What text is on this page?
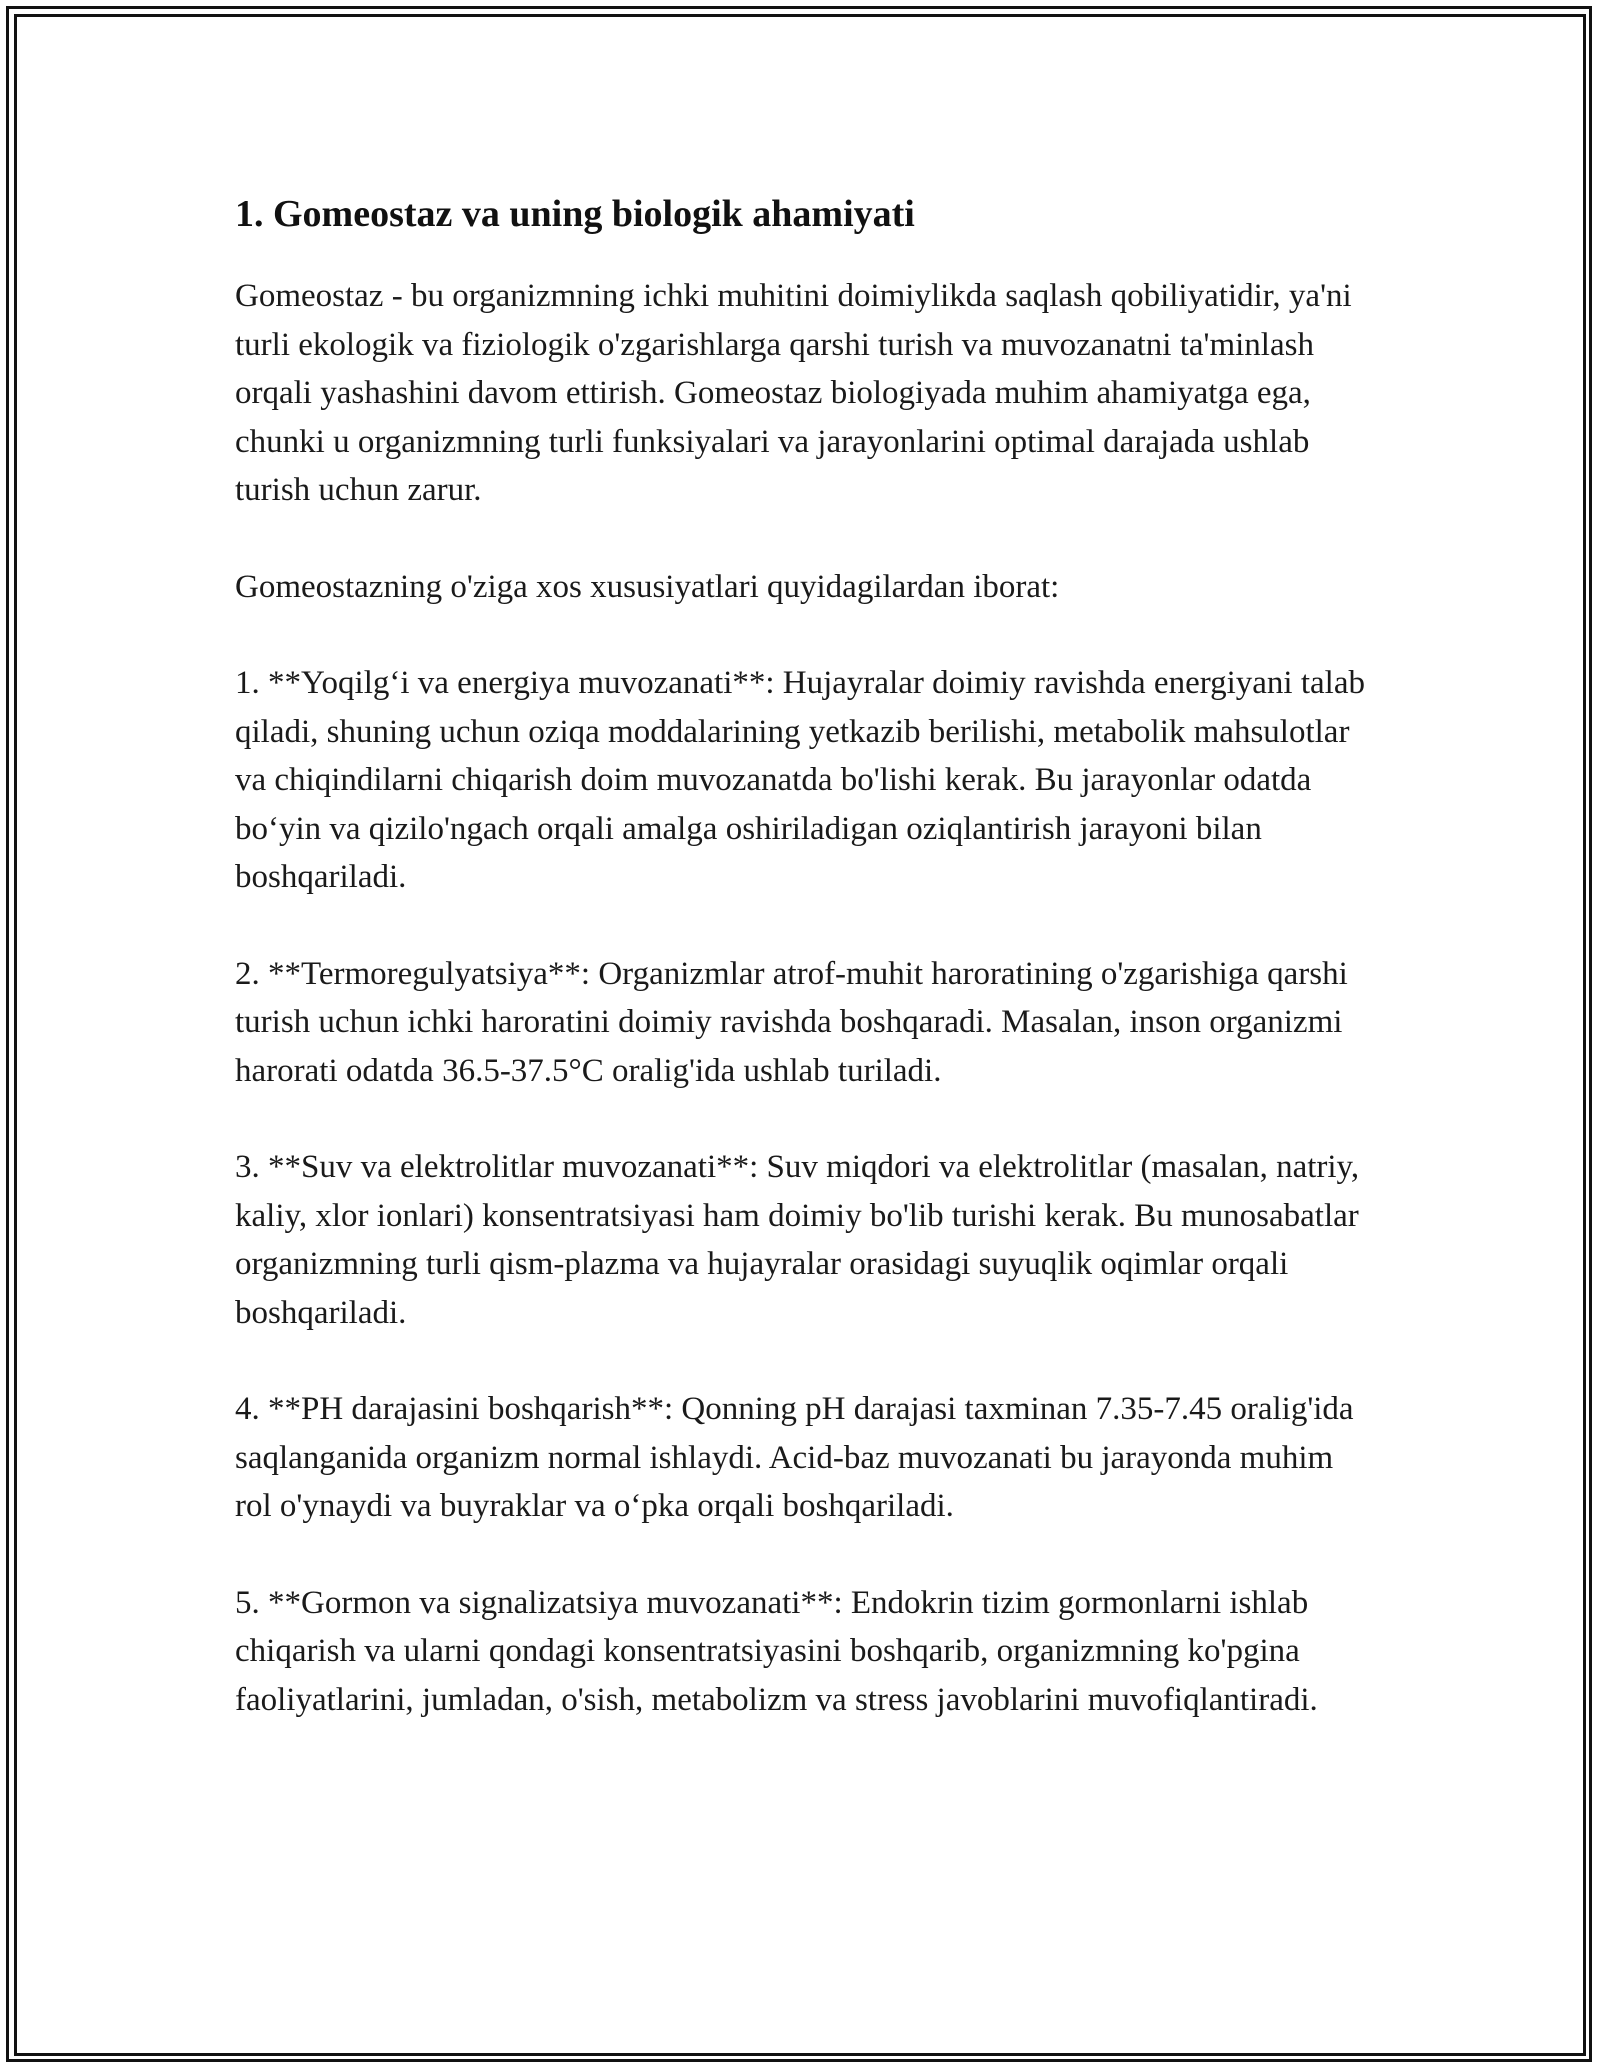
1. Gomeostaz va uning biologik ahamiyati

Gomeostaz - bu organizmning ichki muhitini doimiylikda saqlash qobiliyatidir, ya'ni turli ekologik va fiziologik o'zgarishlarga qarshi turish va muvozanatni ta'minlash orqali yashashini davom ettirish. Gomeostaz biologiyada muhim ahamiyatga ega, chunki u organizmning turli funksiyalari va jarayonlarini optimal darajada ushlab turish uchun zarur.

Gomeostazning o'ziga xos xususiyatlari quyidagilardan iborat:

1. **Yoqilg‘i va energiya muvozanati**: Hujayralar doimiy ravishda energiyani talab qiladi, shuning uchun oziqa moddalarining yetkazib berilishi, metabolik mahsulotlar va chiqindilarni chiqarish doim muvozanatda bo'lishi kerak. Bu jarayonlar odatda bo‘yin va qizilo'ngach orqali amalga oshiriladigan oziqlantirish jarayoni bilan boshqariladi.

2. **Termoregulyatsiya**: Organizmlar atrof-muhit haroratining o'zgarishiga qarshi turish uchun ichki haroratini doimiy ravishda boshqaradi. Masalan, inson organizmi harorati odatda 36.5-37.5°C oralig'ida ushlab turiladi.

3. **Suv va elektrolitlar muvozanati**: Suv miqdori va elektrolitlar (masalan, natriy, kaliy, xlor ionlari) konsentratsiyasi ham doimiy bo'lib turishi kerak. Bu munosabatlar organizmning turli qism-plazma va hujayralar orasidagi suyuqlik oqimlar orqali boshqariladi.

4. **PH darajasini boshqarish**: Qonning pH darajasi taxminan 7.35-7.45 oralig'ida saqlanganida organizm normal ishlaydi. Acid-baz muvozanati bu jarayonda muhim rol o'ynaydi va buyraklar va o‘pka orqali boshqariladi.

5. **Gormon va signalizatsiya muvozanati**: Endokrin tizim gormonlarni ishlab chiqarish va ularni qondagi konsentratsiyasini boshqarib, organizmning ko'pgina faoliyatlarini, jumladan, o'sish, metabolizm va stress javoblarini muvofiqlantiradi.
